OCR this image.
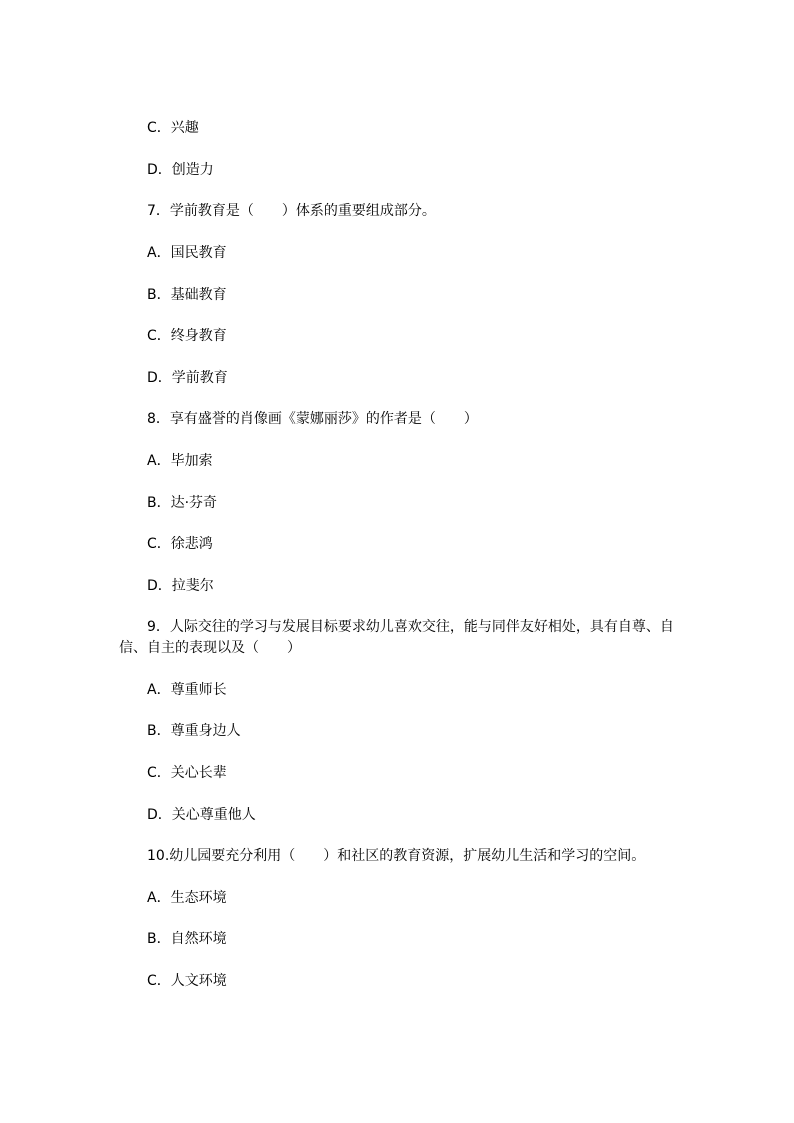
C．兴趣
D．创造力
7．学前教育是（　　）体系的重要组成部分。
A．国民教育
B．基础教育
C．终身教育
D．学前教育
8．享有盛誉的肖像画《蒙娜丽莎》的作者是（　　）
A．毕加索
B．达·芬奇
C．徐悲鸿
D．拉斐尔
9．人际交往的学习与发展目标要求幼儿喜欢交往，能与同伴友好相处，具有自尊、自
信、自主的表现以及（　　）
A．尊重师长
B．尊重身边人
C．关心长辈
D．关心尊重他人
10.幼儿园要充分利用（　　）和社区的教育资源，扩展幼儿生活和学习的空间。
A．生态环境
B．自然环境
C．人文环境
